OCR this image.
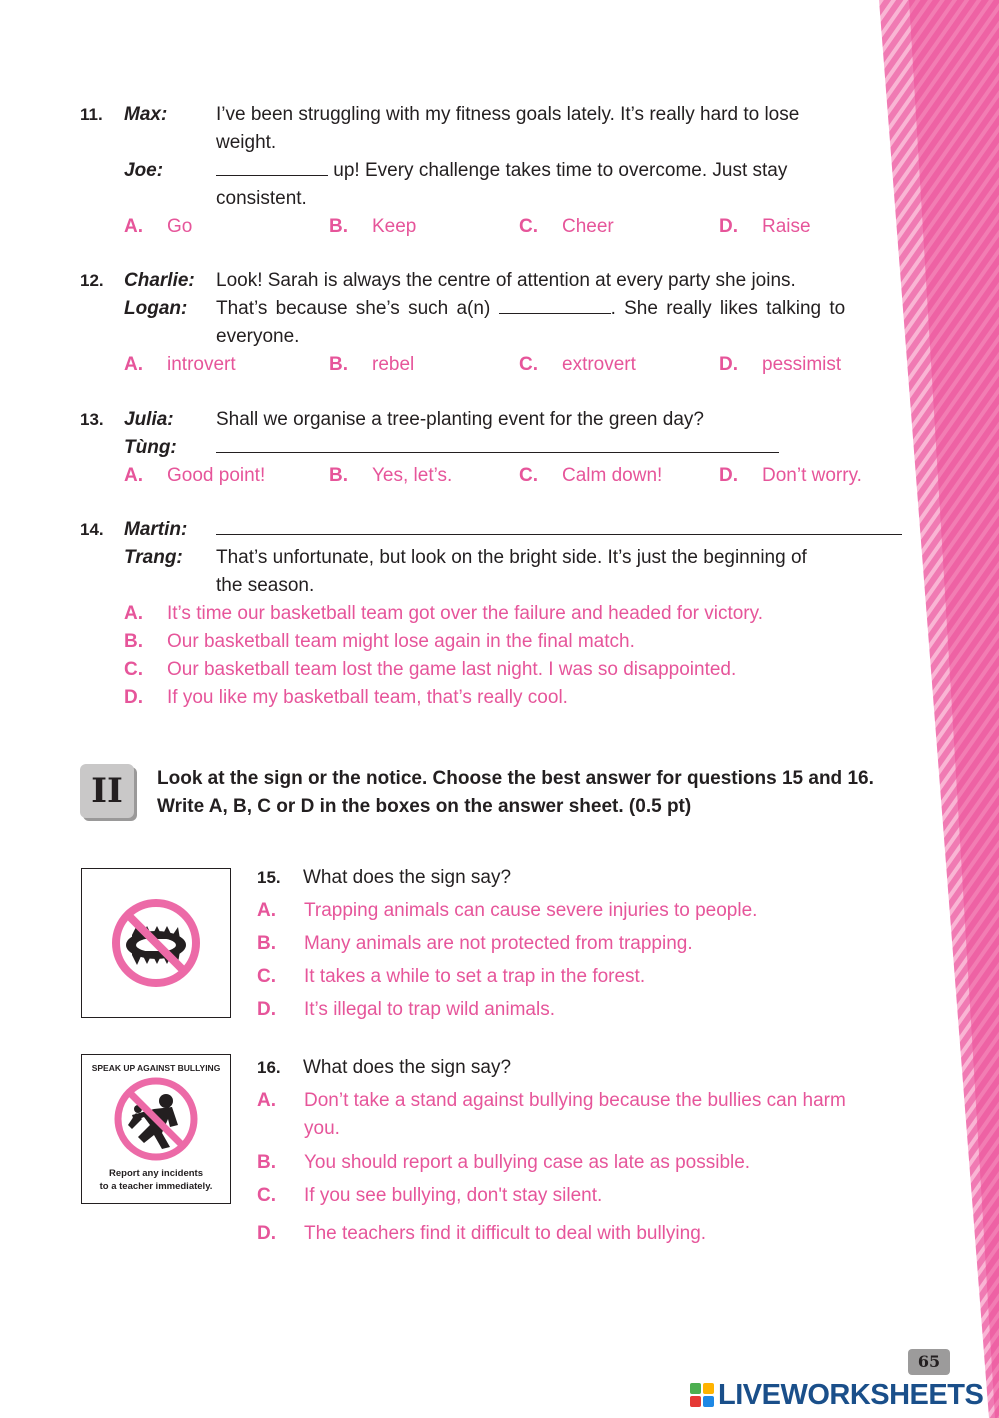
11. Max:	I’ve been struggling with my fitness goals lately. It’s really hard to lose
weight.
Joe:	up! Every challenge takes time to overcome. Just stay
consistent.
A. Go	B. Keep	C. Cheer	D. Raise
12. Charlie: Look! Sarah is always the centre of attention at every party she joins.
Logan: That’s because she’s such a(n)	. She really likes talking to
everyone.
A. introvert	B. rebel	C. extrovert	D. pessimist
13. Julia: Shall we organise a tree-planting event for the green day?
Tùng:
A. Good point!	B. Yes, let’s.	C. Calm down!	D. Don’t worry.
14. Martin:
Trang: That’s unfortunate, but look on the bright side. It’s just the beginning of
the season.
A. It’s time our basketball team got over the failure and headed for victory.
B. Our basketball team might lose again in the final match.
C. Our basketball team lost the game last night. I was so disappointed.
D. If you like my basketball team, that’s really cool.
II	Look at the sign or the notice. Choose the best answer for questions 15 and 16. Write A, B, C or D in the boxes on the answer sheet. (0.5 pt)
15. What does the sign say?
A. Trapping animals can cause severe injuries to people.
B. Many animals are not protected from trapping.
C. It takes a while to set a trap in the forest.
D. It’s illegal to trap wild animals.
SPEAK UP AGAINST BULLYING
Report any incidents
to a teacher immediately.
16. What does the sign say?
A. Don’t take a stand against bullying because the bullies can harm you.
B. You should report a bullying case as late as possible.
C. If you see bullying, don't stay silent.
D. The teachers find it difficult to deal with bullying.
65
LIVEWORKSHEETS
